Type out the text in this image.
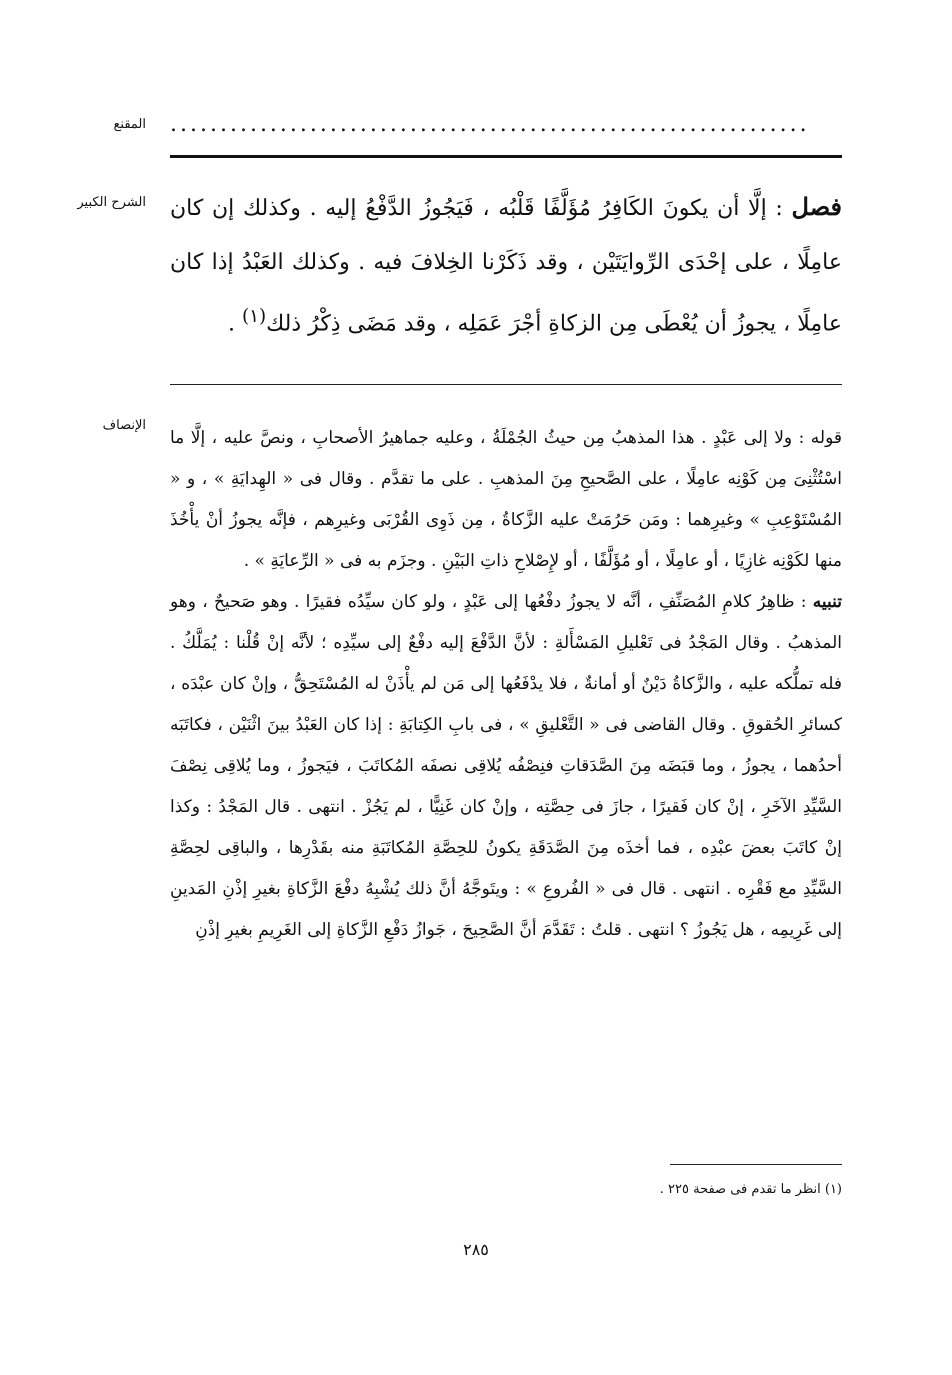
المقنع ................................................................
الشرح الكبير	فصل : إلَّا أن يكونَ الكَافِرُ مُؤَلَّفًا قَلْبُه ، فَيَجُوزُ الدَّفْعُ إليه . وكذلك إن كان عامِلًا ، على إحْدَى الرِّوايَتَيْن ، وقد ذَكَرْنا الخِلافَ فيه . وكذلك العَبْدُ إذا كان عامِلًا ، يجوزُ أن يُعْطَى مِن الزكاةِ أجْرَ عَمَلِه ، وقد مَضَى ذِكْرُ ذلك$^{(١)}$ .

الإنصاف

قوله : ولا إلى عَبْدٍ . هذا المذهبُ مِن حيثُ الجُمْلَةُ ، وعليه جماهيرُ الأصحابِ ، ونصَّ عليه ، إلَّا ما اسْتُثْنِىَ مِن كَوْنِه عامِلًا ، على الصَّحيحِ مِنَ المذهبِ . على ما تقدَّم . وقال فى « الهِدايَةِ » ، و « المُسْتَوْعِبِ » وغيرِهما : ومَن حَرُمَتْ عليه الزَّكاةُ ، مِن ذَوِى القُرْبَى وغيرِهم ، فإنَّه يجوزُ أنْ يأْخُذَ منها لكَوْنِه غازِيًا ، أو عامِلًا ، أو مُؤَلَّفًا ، أو لإِصْلاحِ ذاتِ البَيْنِ . وجزَم به فى « الرِّعايَةِ » .

تنبيه : ظاهِرُ كلامِ المُصَنِّفِ ، أنَّه لا يجوزُ دفْعُها إلى عَبْدٍ ، ولو كان سيِّدُه فقيرًا . وهو صَحيحٌ ، وهو المذهبُ . وقال المَجْدُ فى تَعْليلِ المَسْأَلةِ : لأنَّ الدَّفْعَ إليه دفْعٌ إلى سيِّدِه ؛ لأنَّه إنْ قُلْنا : يُمَلَّكُ . فله تملُّكه عليه ، والزَّكاةُ دَيْنٌ أو أمانةٌ ، فلا يدْفَعُها إلى مَن لم يأْذَنْ له المُسْتَحِقُّ ، وإنْ كان عبْدَه ، كسائرِ الحُقوقِ . وقال القاضى فى « التَّعْليقِ » ، فى بابِ الكِتابَةِ : إذا كان العَبْدُ بينَ اثْنَيْن ، فكاتَبَه أحدُهما ، يجوزُ ، وما قبَضَه مِنَ الصَّدَقاتِ فنِصْفُه يُلاقِى نصفَه المُكاتَبَ ، فيَجوزُ ، وما يُلاقِى نِصْفَ السَّيِّدِ الآخَرِ ، إنْ كان فَقيرًا ، جازَ فى حِصَّتِه ، وإنْ كان غَنِيًّا ، لم يَجُزْ . انتهى . قال المَجْدُ : وكذا إنْ كاتَبَ بعضَ عبْدِه ، فما أخذَه مِنَ الصَّدَقَةِ يكونُ للحِصَّةِ المُكاتَبَةِ منه بقَدْرِها ، والباقِى لحِصَّةِ السَّيِّدِ مع فَقْرِه . انتهى . قال فى « الفُروعِ » : ويتَوجَّهُ أنَّ ذلك يُشْبِهُ دفْعَ الزَّكاةِ بغيرِ إذْنِ المَدينِ إلى غَرِيمِه ، هل يَجُوزُ ؟ انتهى . قلتُ : تَقَدَّمَ أنَّ الصَّحِيحَ ، جَوازُ دَفْعِ الزَّكاةِ إلى الغَرِيمِ بغيرِ إذْنِ

(١) انظر ما تقدم فى صفحة ٢٢٥ .
٢٨٥
